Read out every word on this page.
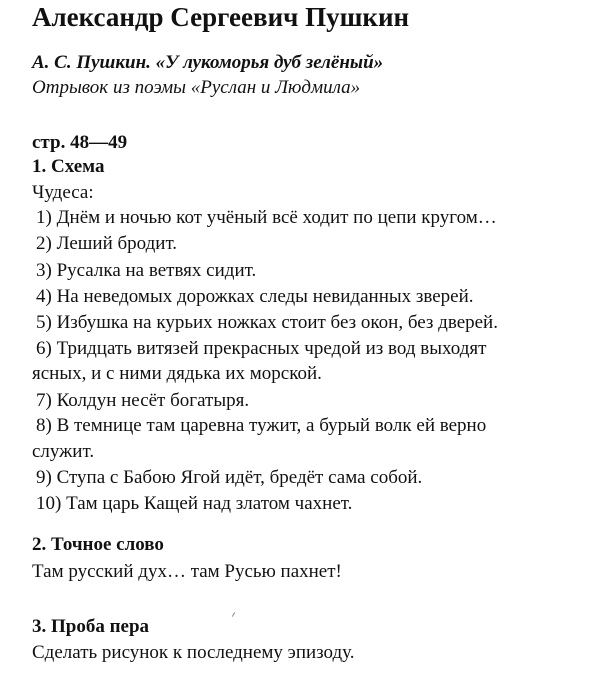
Александр Сергеевич Пушкин
А. С. Пушкин. «У лукоморья дуб зелёный»
Отрывок из поэмы «Руслан и Людмила»
стр. 48—49
1. Схема
Чудеса:
1) Днём и ночью кот учёный всё ходит по цепи кругом…
2) Леший бродит.
3) Русалка на ветвях сидит.
4) На неведомых дорожках следы невиданных зверей.
5) Избушка на курьих ножках стоит без окон, без дверей.
6) Тридцать витязей прекрасных чредой из вод выходят
ясных, и с ними дядька их морской.
7) Колдун несёт богатыря.
8) В темнице там царевна тужит, а бурый волк ей верно
служит.
9) Ступа с Бабою Ягой идёт, бредёт сама собой.
10) Там царь Кащей над златом чахнет.
2. Точное слово
Там русский дух… там Русью пахнет!
3. Проба пера
Сделать рисунок к последнему эпизоду.
